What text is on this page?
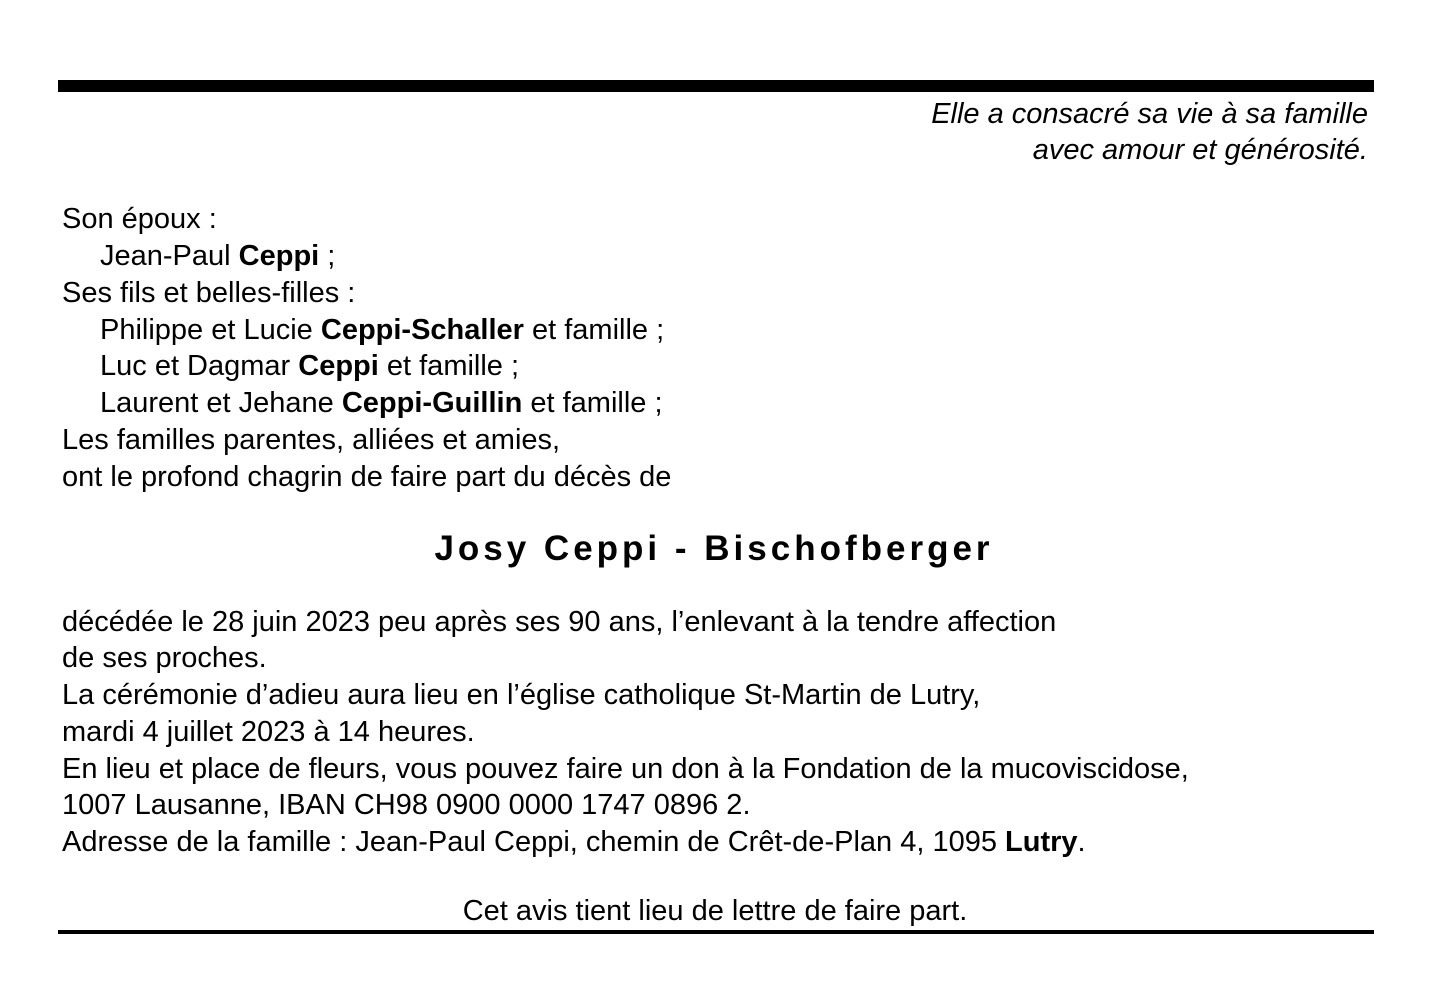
Elle a consacré sa vie à sa famille
avec amour et générosité.
Son époux :
Jean-Paul Ceppi ;
Ses fils et belles-filles :
Philippe et Lucie Ceppi-Schaller et famille ;
Luc et Dagmar Ceppi et famille ;
Laurent et Jehane Ceppi-Guillin et famille ;
Les familles parentes, alliées et amies,
ont le profond chagrin de faire part du décès de
Josy Ceppi - Bischofberger
décédée le 28 juin 2023 peu après ses 90 ans, l’enlevant à la tendre affection
de ses proches.
La cérémonie d’adieu aura lieu en l’église catholique St-Martin de Lutry,
mardi 4 juillet 2023 à 14 heures.
En lieu et place de fleurs, vous pouvez faire un don à la Fondation de la mucoviscidose,
1007 Lausanne, IBAN CH98 0900 0000 1747 0896 2.
Adresse de la famille : Jean-Paul Ceppi, chemin de Crêt-de-Plan 4, 1095 Lutry.
Cet avis tient lieu de lettre de faire part.
